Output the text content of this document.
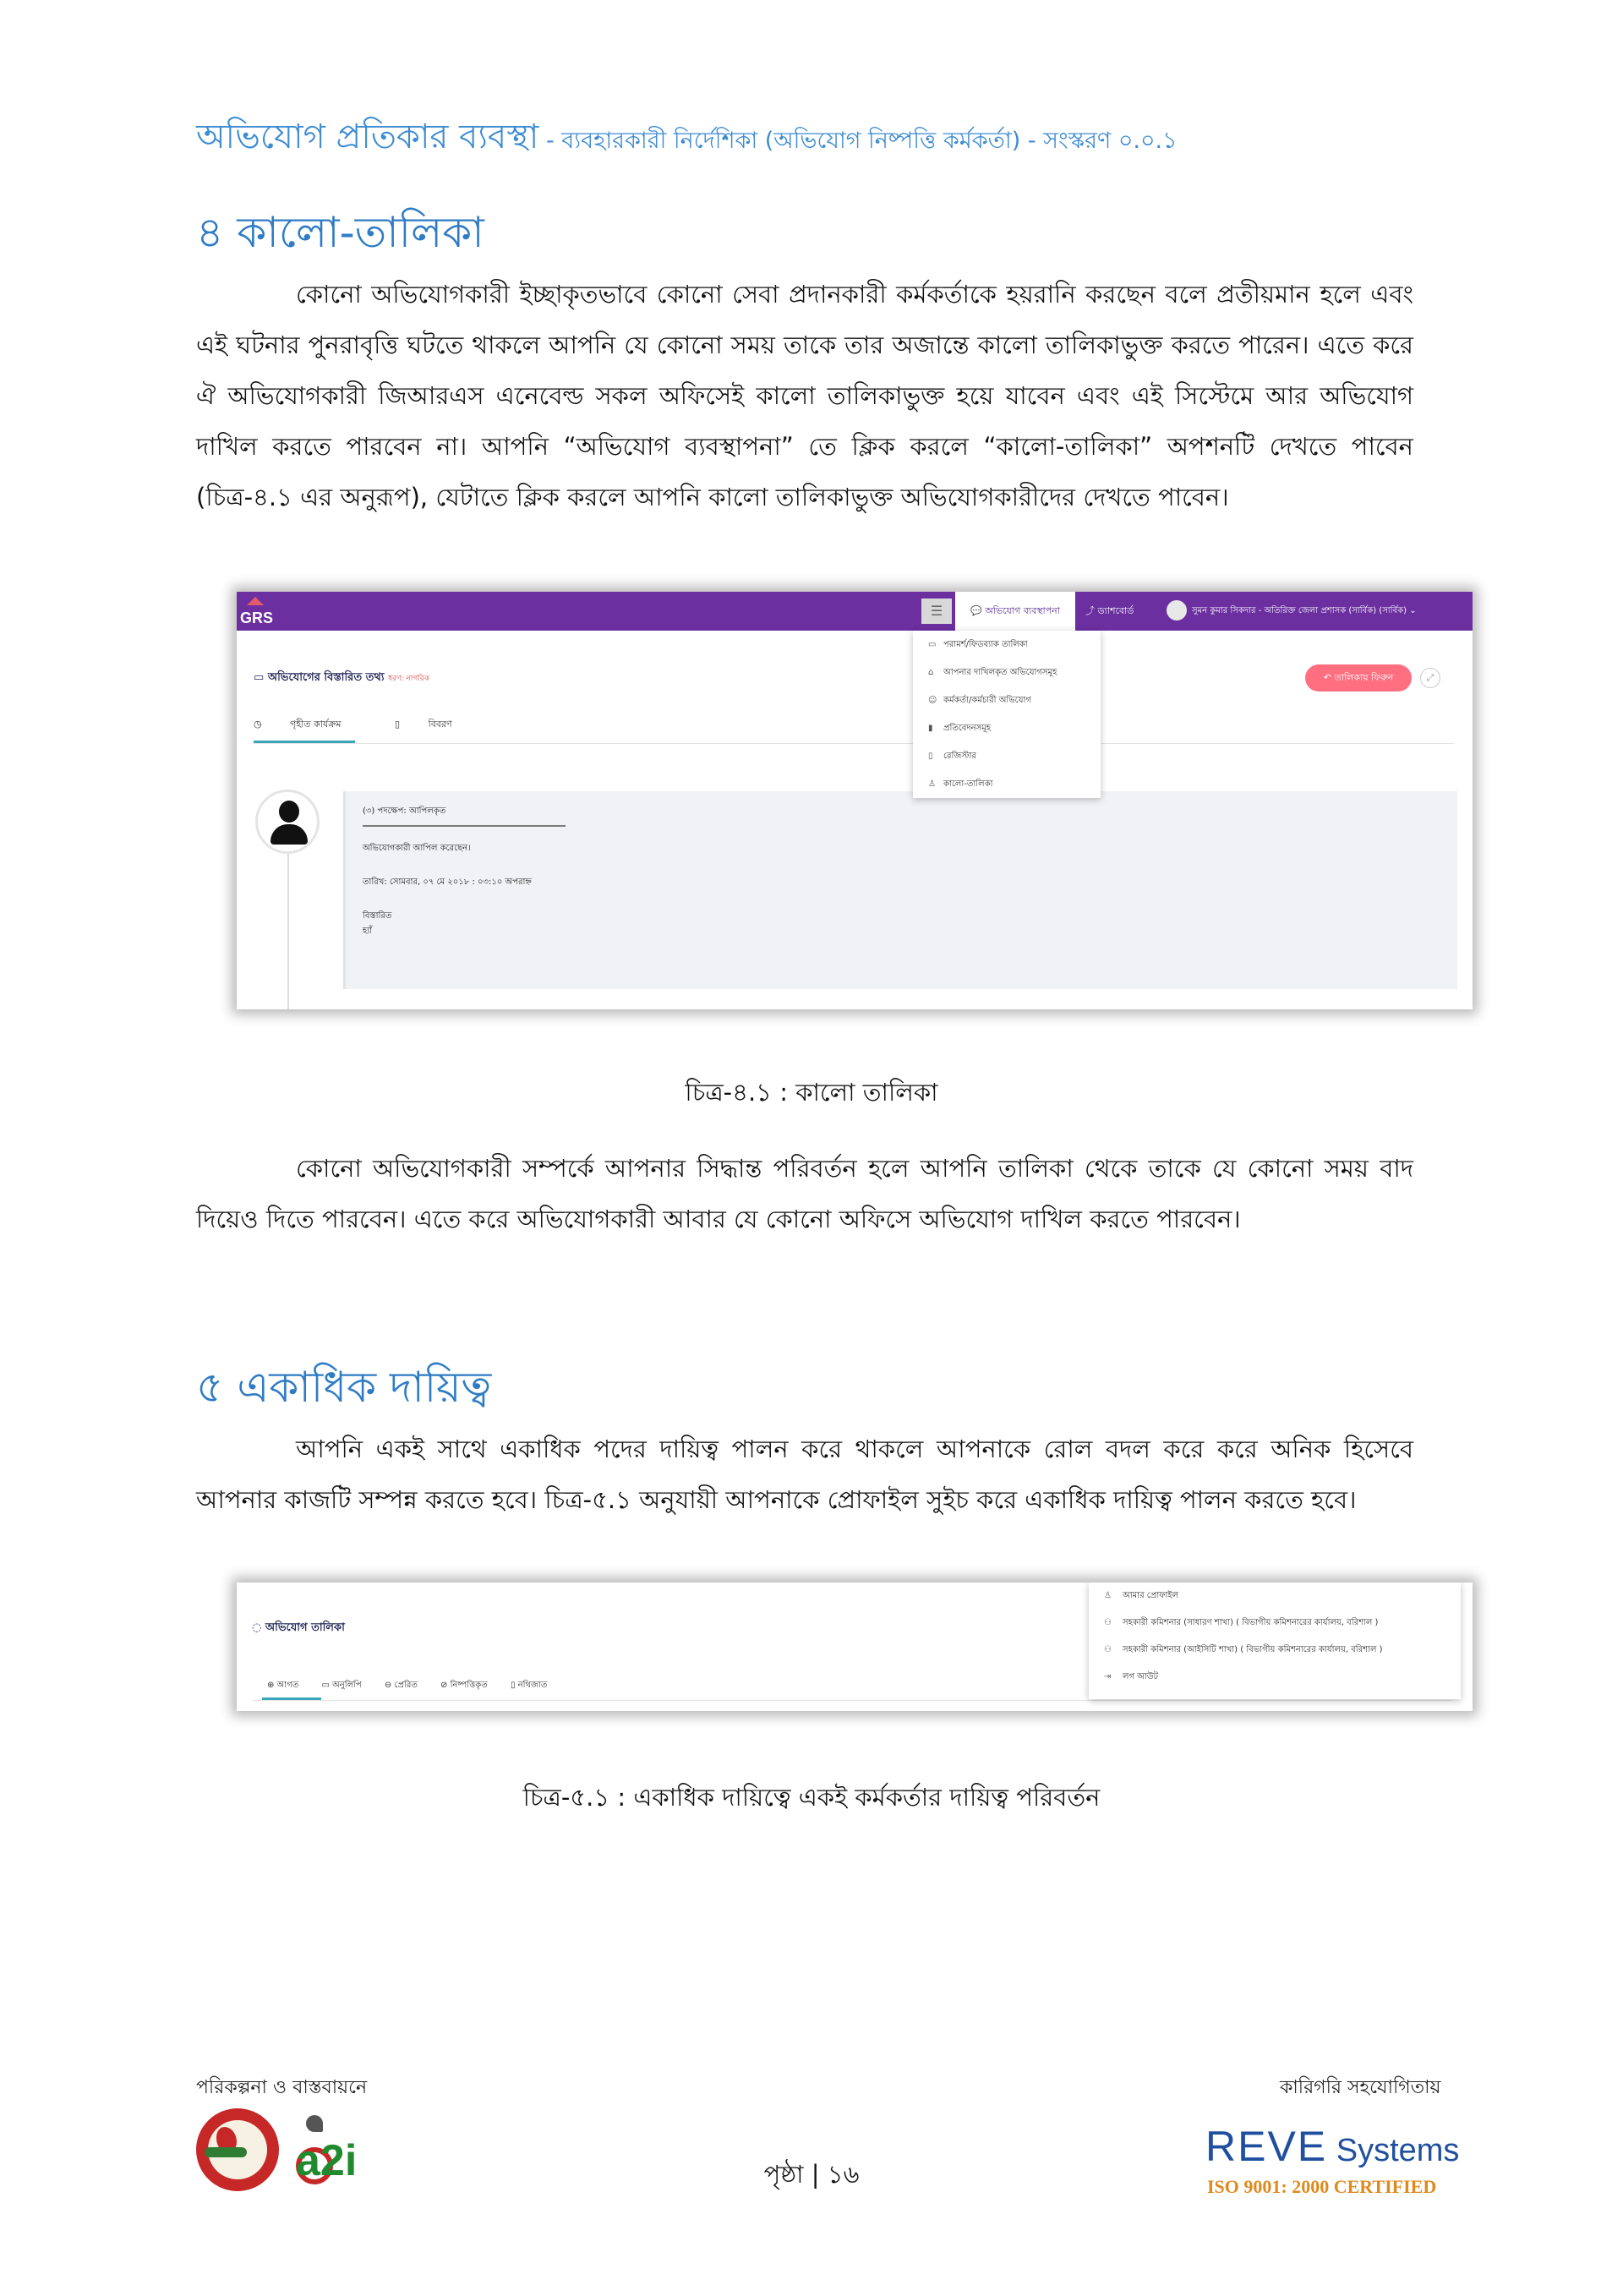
অভিযোগ প্রতিকার ব্যবস্থা - ব্যবহারকারী নির্দেশিকা (অভিযোগ নিষ্পত্তি কর্মকর্তা) - সংস্করণ ০.০.১
৪ কালো-তালিকা
কোনো অভিযোগকারী ইচ্ছাকৃতভাবে কোনো সেবা প্রদানকারী কর্মকর্তাকে হয়রানি করছেন বলে প্রতীয়মান হলে এবং এই ঘটনার পুনরাবৃত্তি ঘটতে থাকলে আপনি যে কোনো সময় তাকে তার অজান্তে কালো তালিকাভুক্ত করতে পারেন। এতে করে ঐ অভিযোগকারী জিআরএস এনেবেল্ড সকল অফিসেই কালো তালিকাভুক্ত হয়ে যাবেন এবং এই সিস্টেমে আর অভিযোগ দাখিল করতে পারবেন না। আপনি “অভিযোগ ব্যবস্থাপনা” তে ক্লিক করলে “কালো-তালিকা” অপশনটি দেখতে পাবেন (চিত্র-৪.১ এর অনুরূপ), যেটাতে ক্লিক করলে আপনি কালো তালিকাভুক্ত অভিযোগকারীদের দেখতে পাবেন।
GRS	☰	💬 অভিযোগ ব্যবস্থাপনা	⤴ ড্যাশবোর্ড	সুমন কুমার সিকদার - অতিরিক্ত জেলা প্রশাসক (সার্বিক) (সার্বিক) ⌄
▭ অভিযোগের বিস্তারিত তথ্য ধরণ: নাগরিক
◷	গৃহীত কার্যক্রম	▯	বিবরণ
↶ তালিকায় ফিরুন	⤢
(৩) পদক্ষেপ: আপিলকৃত
অভিযোগকারী আপিল করেছেন।
তারিখ: সোমবার, ০৭ মে ২০১৮ : ০৩:১০ অপরাহ্ন
বিস্তারিত
হ্যাঁ
▭ পরামর্শ/ফিডব্যাক তালিকা
⌂ আপনার দাখিলকৃত অভিযোগসমূহ
☺ কর্মকর্তা/কর্মচারী অভিযোগ
▮ প্রতিবেদনসমূহ
▯ রেজিস্টার
♙ কালো-তালিকা
চিত্র-৪.১ : কালো তালিকা
কোনো অভিযোগকারী সম্পর্কে আপনার সিদ্ধান্ত পরিবর্তন হলে আপনি তালিকা থেকে তাকে যে কোনো সময় বাদ দিয়েও দিতে পারবেন। এতে করে অভিযোগকারী আবার যে কোনো অফিসে অভিযোগ দাখিল করতে পারবেন।
৫ একাধিক দায়িত্ব
আপনি একই সাথে একাধিক পদের দায়িত্ব পালন করে থাকলে আপনাকে রোল বদল করে করে অনিক হিসেবে আপনার কাজটি সম্পন্ন করতে হবে। চিত্র-৫.১ অনুযায়ী আপনাকে প্রোফাইল সুইচ করে একাধিক দায়িত্ব পালন করতে হবে।
◌ অভিযোগ তালিকা
⊕ আগত	▭ অনুলিপি	⊖ প্রেরিত	⊘ নিষ্পত্তিকৃত	▯ নথিজাত
♙ আমার প্রোফাইল
⚇ সহকারী কমিশনার (সাধারণ শাখা) ( বিভাগীয় কমিশনারের কার্যালয়, বরিশাল )
⚇ সহকারী কমিশনার (আইসিটি শাখা) ( বিভাগীয় কমিশনারের কার্যালয়, বরিশাল )
⇥ লগ আউট
চিত্র-৫.১ : একাধিক দায়িত্বে একই কর্মকর্তার দায়িত্ব পরিবর্তন
পরিকল্পনা ও বাস্তবায়নে	কারিগরি সহযোগিতায়
a2i	পৃষ্ঠা | ১৬
REVE Systems
ISO 9001: 2000 CERTIFIED
